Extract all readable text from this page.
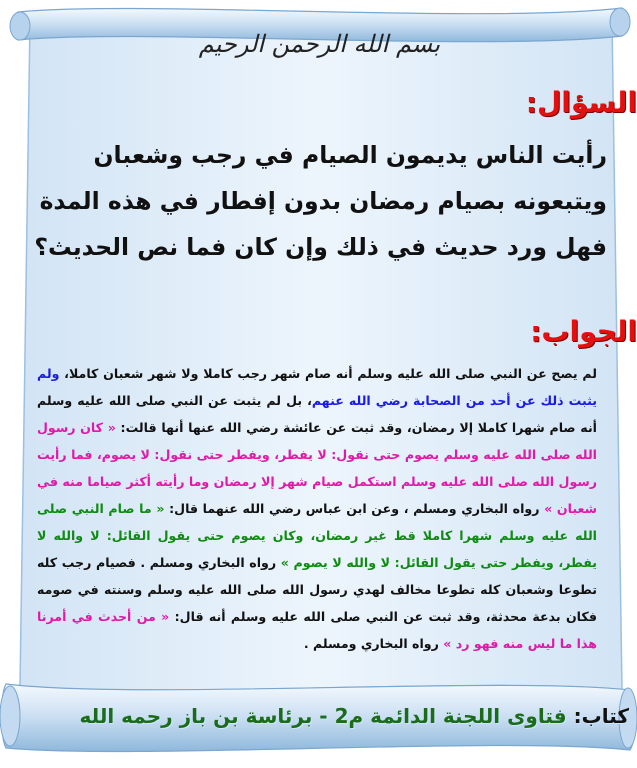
بسم الله الرحمن الرحيم
السؤال:
رأيت الناس يديمون الصيام في رجب وشعبان ويتبعونه بصيام رمضان بدون إفطار في هذه المدة فهل ورد حديث في ذلك وإن كان فما نص الحديث؟
الجواب:
لم يصح عن النبي صلى الله عليه وسلم أنه صام شهر رجب كاملا ولا شهر شعبان كاملا، ولم يثبت ذلك عن أحد من الصحابة رضي الله عنهم، بل لم يثبت عن النبي صلى الله عليه وسلم أنه صام شهرا كاملا إلا رمضان، وقد ثبت عن عائشة رضي الله عنها أنها قالت: « كان رسول الله صلى الله عليه وسلم يصوم حتى نقول: لا يفطر، ويفطر حتى نقول: لا يصوم، فما رأيت رسول الله صلى الله عليه وسلم استكمل صيام شهر إلا رمضان وما رأيته أكثر صياما منه في شعبان » رواه البخاري ومسلم ، وعن ابن عباس رضي الله عنهما قال: « ما صام النبي صلى الله عليه وسلم شهرا كاملا قط غير رمضان، وكان يصوم حتى يقول القائل: لا والله لا يفطر، ويفطر حتى يقول القائل: لا والله لا يصوم » رواه البخاري ومسلم . فصيام رجب كله تطوعا وشعبان كله تطوعا مخالف لهدي رسول الله صلى الله عليه وسلم وسنته في صومه فكان بدعة محدثة، وقد ثبت عن النبي صلى الله عليه وسلم أنه قال: « من أحدث في أمرنا هذا ما ليس منه فهو رد » رواه البخاري ومسلم .
كتاب: فتاوى اللجنة الدائمة م2 - برئاسة بن باز رحمه الله
